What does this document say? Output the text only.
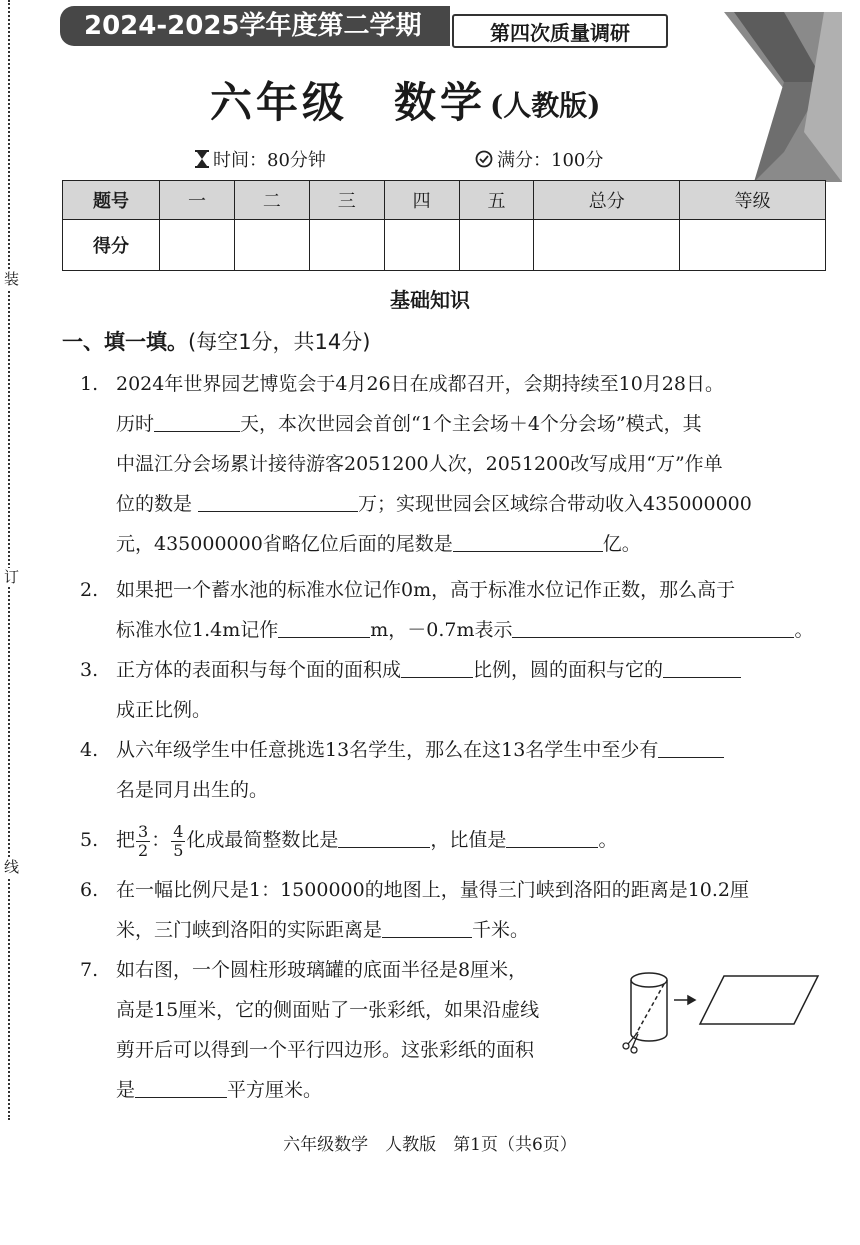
装
订
线
2024-2025学年度第二学期	第四次质量调研
六年级 数学 (人教版)
时间：80分钟	满分：100分
题号	一	二	三	四	五	总分	等级
得分							
基础知识
一、填一填。(每空1分，共14分)
1. 2024年世界园艺博览会于4月26日在成都召开，会期持续至10月28日。
历时	天，本次世园会首创“1个主会场＋4个分会场”模式，其
中温江分会场累计接待游客2051200人次，2051200改写成用“万”作单
位的数是	万；实现世园会区域综合带动收入435000000
元，435000000省略亿位后面的尾数是	亿。
2. 如果把一个蓄水池的标准水位记作0m，高于标准水位记作正数，那么高于
标准水位1.4m记作	m，－0.7m表示	。
3. 正方体的表面积与每个面的面积成	比例，圆的面积与它的
成正比例。
4. 从六年级学生中任意挑选13名学生，那么在这13名学生中至少有
名是同月出生的。
5. 把 $\frac{3}{2}$ ： $\frac{4}{5}$ 化成最简整数比是	，比值是	。
6. 在一幅比例尺是1：1500000的地图上，量得三门峡到洛阳的距离是10.2厘
米，三门峡到洛阳的实际距离是	千米。
7. 如右图，一个圆柱形玻璃罐的底面半径是8厘米，
高是15厘米，它的侧面贴了一张彩纸，如果沿虚线
剪开后可以得到一个平行四边形。这张彩纸的面积
是	平方厘米。
六年级数学　人教版　第1页（共6页）
